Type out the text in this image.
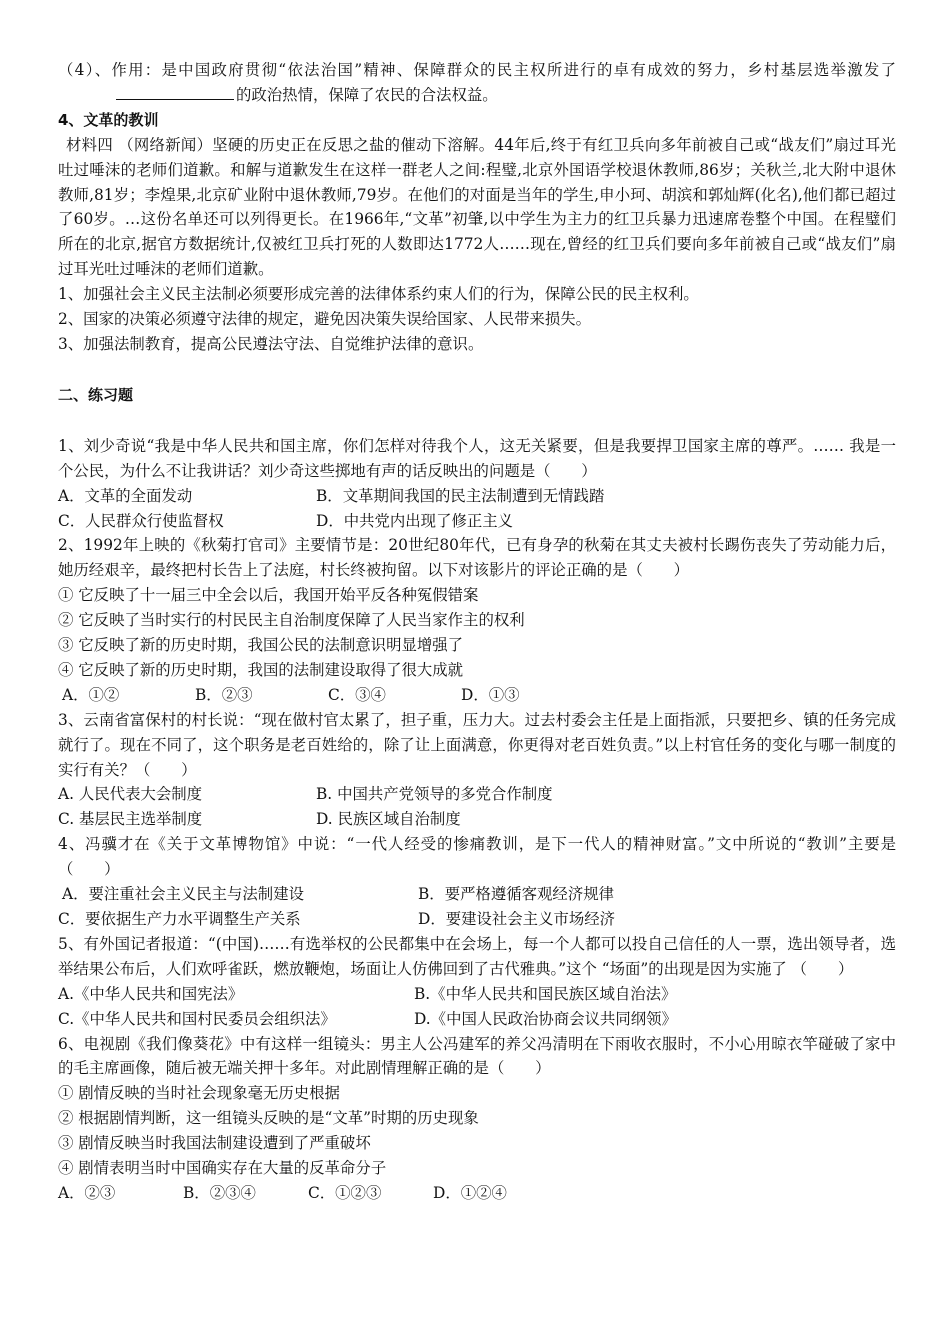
（4）、作用：是中国政府贯彻“依法治国”精神、保障群众的民主权所进行的卓有成效的努力，乡村基层选举激发了的政治热情，保障了农民的合法权益。

4、文革的教训

材料四 （网络新闻）坚硬的历史正在反思之盐的催动下溶解。44年后,终于有红卫兵向多年前被自己或“战友们”扇过耳光吐过唾沫的老师们道歉。和解与道歉发生在这样一群老人之间:程璧,北京外国语学校退休教师,86岁；关秋兰,北大附中退休教师,81岁；李煌果,北京矿业附中退休教师,79岁。在他们的对面是当年的学生,申小珂、胡滨和郭灿辉(化名),他们都已超过了60岁。…这份名单还可以列得更长。在1966年,“文革”初肇,以中学生为主力的红卫兵暴力迅速席卷整个中国。在程璧们所在的北京,据官方数据统计,仅被红卫兵打死的人数即达1772人……现在,曾经的红卫兵们要向多年前被自己或“战友们”扇过耳光吐过唾沫的老师们道歉。

1、加强社会主义民主法制必须要形成完善的法律体系约束人们的行为，保障公民的民主权利。

2、国家的决策必须遵守法律的规定，避免因决策失误给国家、人民带来损失。

3、加强法制教育，提高公民遵法守法、自觉维护法律的意识。

二、练习题

1、刘少奇说“我是中华人民共和国主席，你们怎样对待我个人，这无关紧要，但是我要捍卫国家主席的尊严。…… 我是一个公民，为什么不让我讲话？刘少奇这些掷地有声的话反映出的问题是（　　）

A．文革的全面发动	B．文革期间我国的民主法制遭到无情践踏
C．人民群众行使监督权	D．中共党内出现了修正主义

2、1992年上映的《秋菊打官司》主要情节是：20世纪80年代，已有身孕的秋菊在其丈夫被村长踢伤丧失了劳动能力后，她历经艰辛，最终把村长告上了法庭，村长终被拘留。以下对该影片的评论正确的是（　　）

① 它反映了十一届三中全会以后，我国开始平反各种冤假错案

② 它反映了当时实行的村民民主自治制度保障了人民当家作主的权利

③ 它反映了新的历史时期，我国公民的法制意识明显增强了

④ 它反映了新的历史时期，我国的法制建设取得了很大成就

A．①②	B．②③	C．③④	D．①③

3、云南省富保村的村长说：“现在做村官太累了，担子重，压力大。过去村委会主任是上面指派，只要把乡、镇的任务完成就行了。现在不同了，这个职务是老百姓给的，除了让上面满意，你更得对老百姓负责。”以上村官任务的变化与哪一制度的实行有关？（　　）

A. 人民代表大会制度	B. 中国共产党领导的多党合作制度
C. 基层民主选举制度	D. 民族区域自治制度

4、冯骥才在《关于文革博物馆》中说：“一代人经受的惨痛教训，是下一代人的精神财富。”文中所说的“教训”主要是（　　）

A．要注重社会主义民主与法制建设	B．要严格遵循客观经济规律
C．要依据生产力水平调整生产关系	D．要建设社会主义市场经济

5、有外国记者报道：“(中国)……有选举权的公民都集中在会场上，每一个人都可以投自己信任的人一票，选出领导者，选举结果公布后，人们欢呼雀跃，燃放鞭炮，场面让人仿佛回到了古代雅典。”这个 “场面”的出现是因为实施了 （　　）

A.《中华人民共和国宪法》	B.《中华人民共和国民族区域自治法》
C.《中华人民共和国村民委员会组织法》	D.《中国人民政治协商会议共同纲领》

6、电视剧《我们像葵花》中有这样一组镜头：男主人公冯建军的养父冯清明在下雨收衣服时，不小心用晾衣竿碰破了家中的毛主席画像，随后被无端关押十多年。对此剧情理解正确的是（　　）

① 剧情反映的当时社会现象毫无历史根据

② 根据剧情判断，这一组镜头反映的是“文革”时期的历史现象

③ 剧情反映当时我国法制建设遭到了严重破坏

④ 剧情表明当时中国确实存在大量的反革命分子

A．②③	B．②③④	C．①②③	D．①②④
